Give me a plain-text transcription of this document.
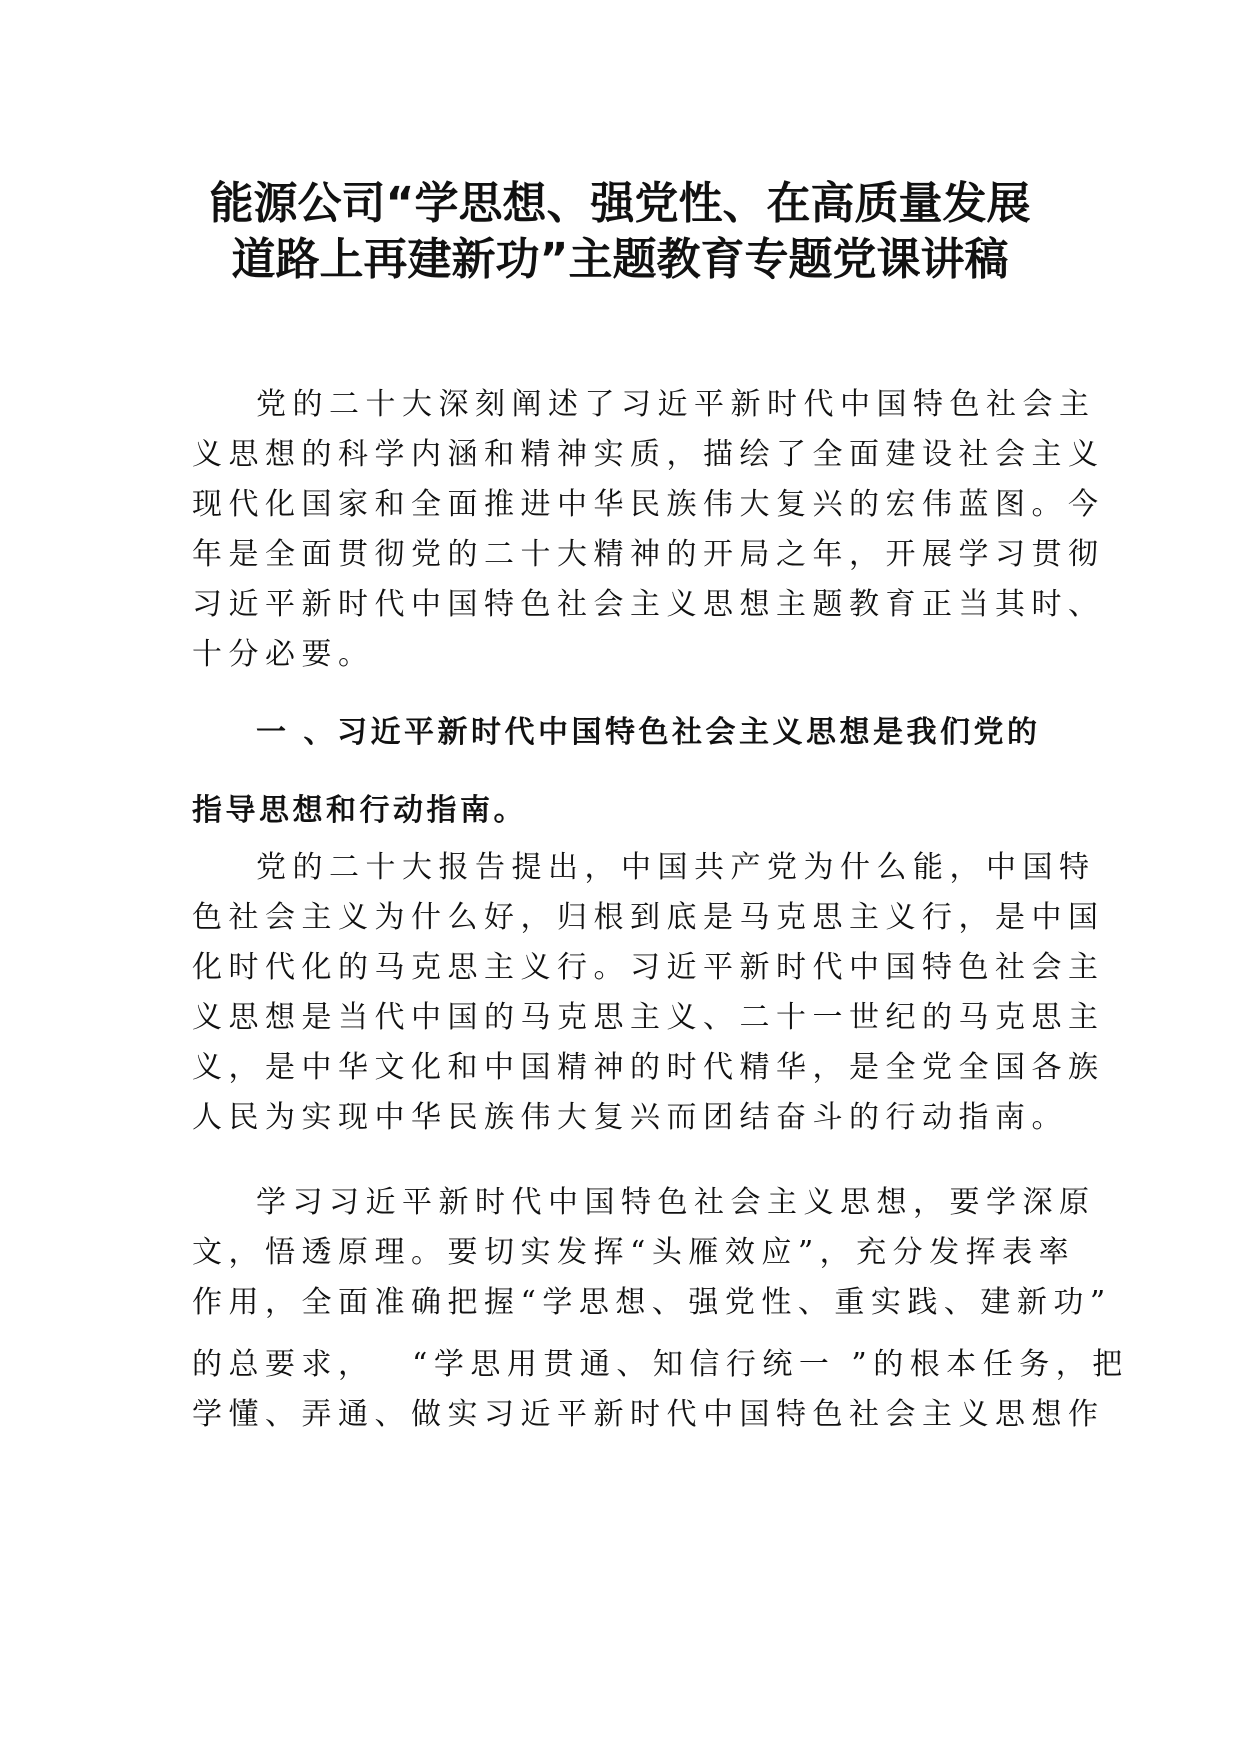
能源公司“学思想、强党性、在高质量发展
道路上再建新功”主题教育专题党课讲稿

党的二十大深刻阐述了习近平新时代中国特色社会主
义思想的科学内涵和精神实质，描绘了全面建设社会主义
现代化国家和全面推进中华民族伟大复兴的宏伟蓝图。今
年是全面贯彻党的二十大精神的开局之年，开展学习贯彻
习近平新时代中国特色社会主义思想主题教育正当其时、
十分必要。

一 、习近平新时代中国特色社会主义思想是我们党的
指导思想和行动指南。

党的二十大报告提出，中国共产党为什么能，中国特
色社会主义为什么好，归根到底是马克思主义行，是中国
化时代化的马克思主义行。习近平新时代中国特色社会主
义思想是当代中国的马克思主义、二十一世纪的马克思主
义，是中华文化和中国精神的时代精华，是全党全国各族
人民为实现中华民族伟大复兴而团结奋斗的行动指南。

学习习近平新时代中国特色社会主义思想，要学深原
文，悟透原理。要切实发挥“头雁效应”，充分发挥表率
作用，全面准确把握“学思想、强党性、重实践、建新功”
的总要求，　 “学思用贯通、知信行统一 ”的根本任务，把
学懂、弄通、做实习近平新时代中国特色社会主义思想作
